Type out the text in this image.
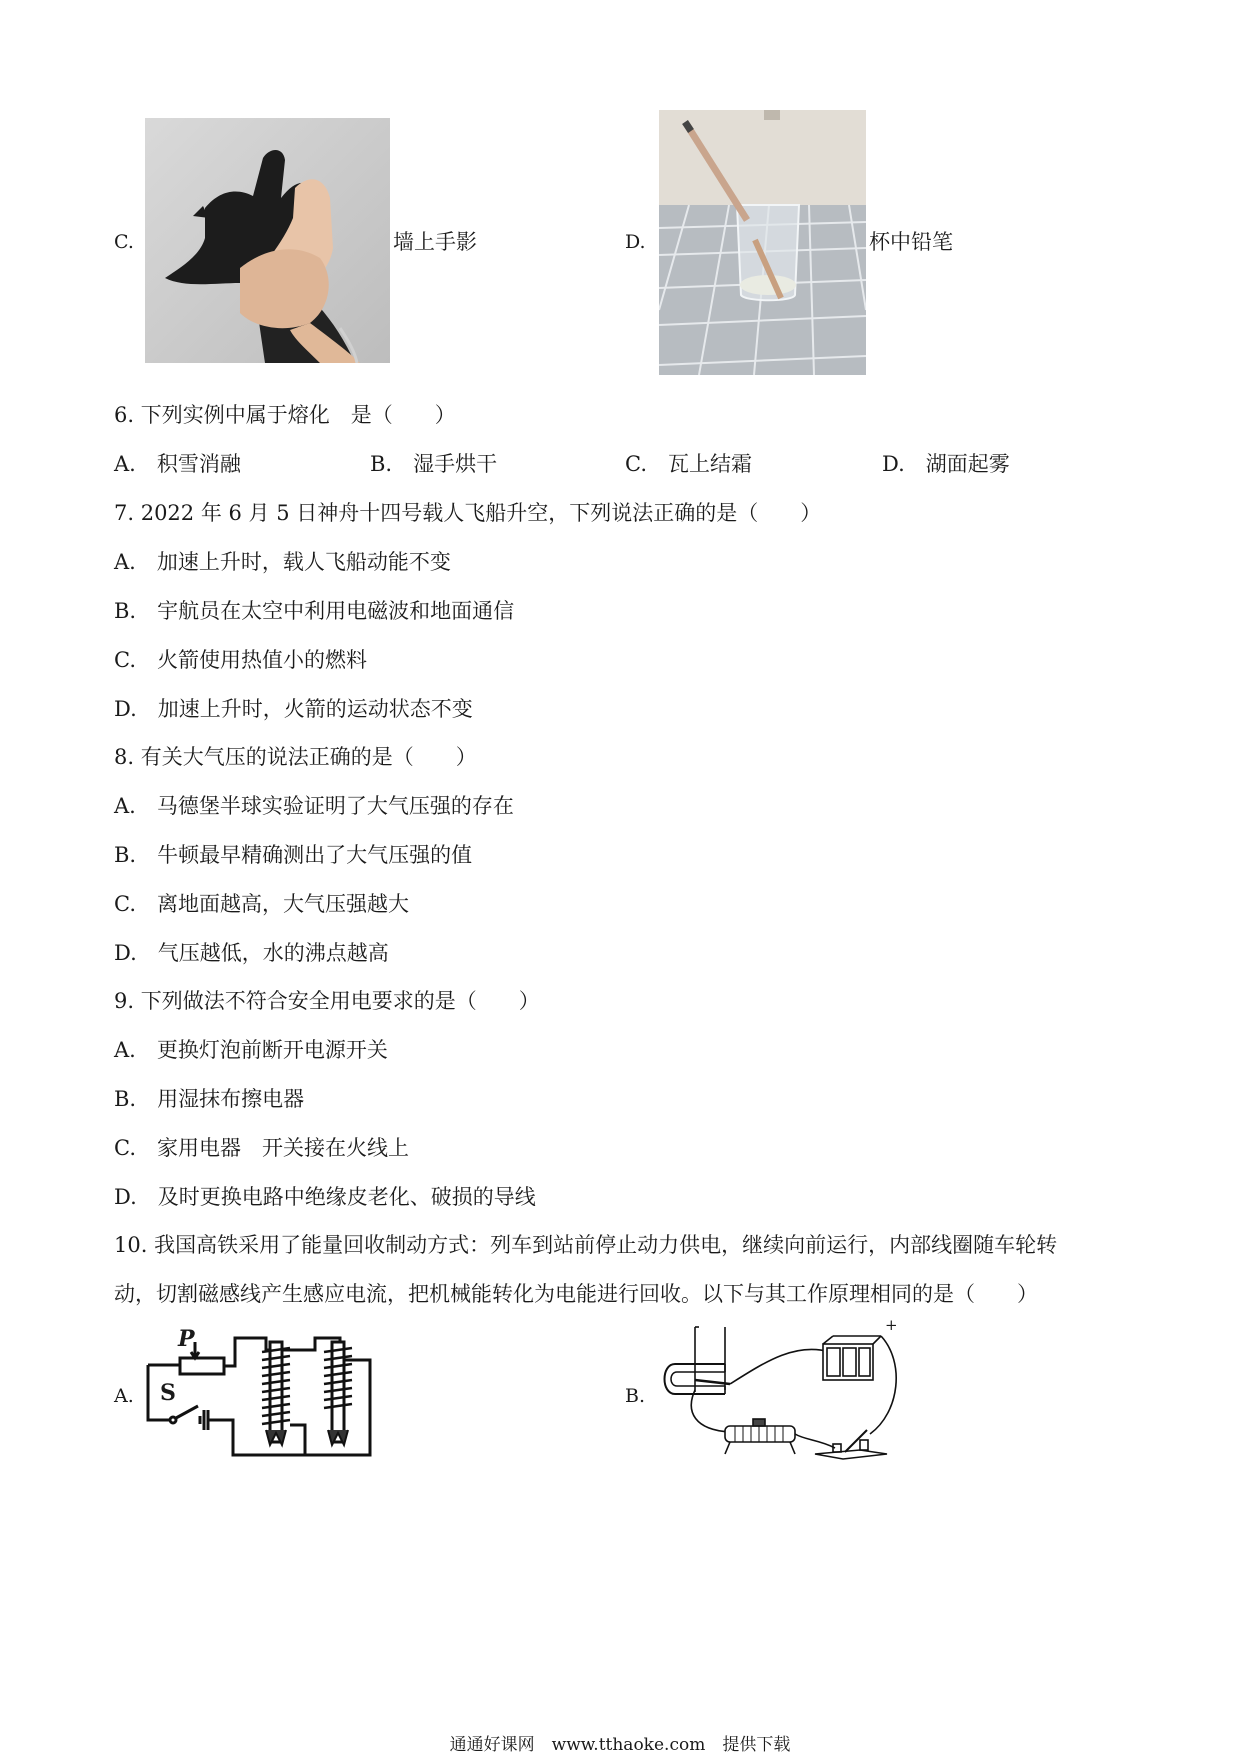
C.	墙上手影	D.	杯中铅笔
6. 下列实例中属于熔化　是（　　）
A.　积雪消融	B.　湿手烘干	C.　瓦上结霜	D.　湖面起雾
7. 2022 年 6 月 5 日神舟十四号载人飞船升空，下列说法正确的是（　　）
A.　加速上升时，载人飞船动能不变
B.　宇航员在太空中利用电磁波和地面通信
C.　火箭使用热值小的燃料
D.　加速上升时，火箭的运动状态不变
8. 有关大气压的说法正确的是（　　）
A.　马德堡半球实验证明了大气压强的存在
B.　牛顿最早精确测出了大气压强的值
C.　离地面越高，大气压强越大
D.　气压越低，水的沸点越高
9. 下列做法不符合安全用电要求的是（　　）
A.　更换灯泡前断开电源开关
B.　用湿抹布擦电器
C.　家用电器　开关接在火线上
D.　及时更换电路中绝缘皮老化、破损的导线
10. 我国高铁采用了能量回收制动方式：列车到站前停止动力供电，继续向前运行，内部线圈随车轮转
动，切割磁感线产生感应电流，把机械能转化为电能进行回收。以下与其工作原理相同的是（　　）
A.
P
S	B.
+
通通好课网　www.tthaoke.com　提供下载
